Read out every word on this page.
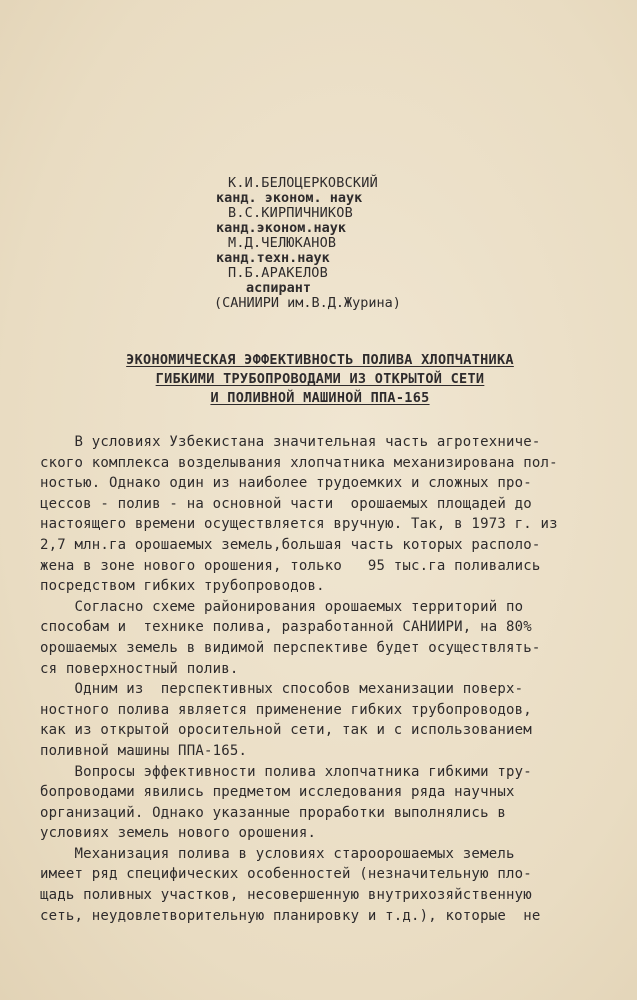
К.И.БЕЛОЦЕРКОВСКИЙ
канд. эконом. наук
В.С.КИРПИЧНИКОВ
канд.эконом.наук
М.Д.ЧЕЛЮКАНОВ
канд.техн.наук
П.Б.АРАКЕЛОВ
аспирант
(САНИИРИ им.В.Д.Журина)
ЭКОНОМИЧЕСКАЯ ЭФФЕКТИВНОСТЬ ПОЛИВА ХЛОПЧАТНИКА
ГИБКИМИ ТРУБОПРОВОДАМИ ИЗ ОТКРЫТОЙ СЕТИ
И ПОЛИВНОЙ МАШИНОЙ ППА-165
В условиях Узбекистана значительная часть агротехниче-
ского комплекса возделывания хлопчатника механизирована пол-
ностью. Однако один из наиболее трудоемких и сложных про-
цессов - полив - на основной части  орошаемых площадей до
настоящего времени осуществляется вручную. Так, в 1973 г. из
2,7 млн.га орошаемых земель,большая часть которых располо-
жена в зоне нового орошения, только   95 тыс.га поливались
посредством гибких трубопроводов.
Согласно схеме районирования орошаемых территорий по
способам и  технике полива, разработанной САНИИРИ, на 80%
орошаемых земель в видимой перспективе будет осуществлять-
ся поверхностный полив.
Одним из  перспективных способов механизации поверх-
ностного полива является применение гибких трубопроводов,
как из открытой оросительной сети, так и с использованием
поливной машины ППА-165.
Вопросы эффективности полива хлопчатника гибкими тру-
бопроводами явились предметом исследования ряда научных
организаций. Однако указанные проработки выполнялись в
условиях земель нового орошения.
Механизация полива в условиях староорошаемых земель
имеет ряд специфических особенностей (незначительную пло-
щадь поливных участков, несовершенную внутрихозяйственную
сеть, неудовлетворительную планировку и т.д.), которые  не
